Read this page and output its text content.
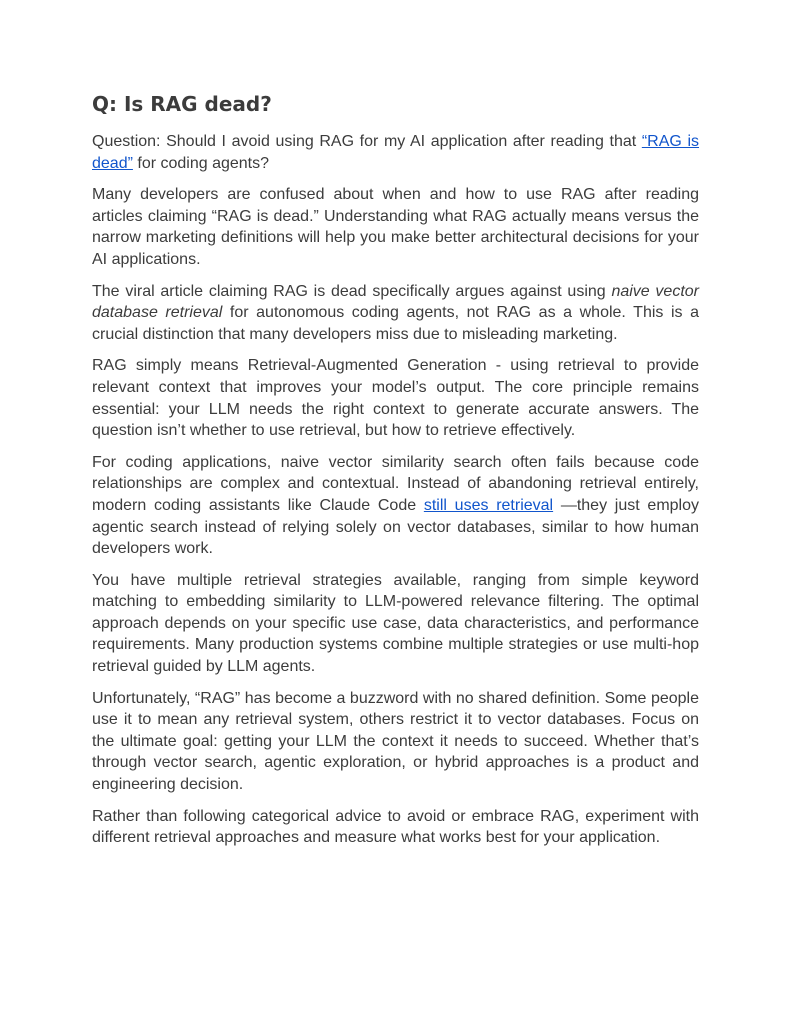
Q: Is RAG dead?

Question: Should I avoid using RAG for my AI application after reading that “RAG is dead” for coding agents?

Many developers are confused about when and how to use RAG after reading articles claiming “RAG is dead.” Understanding what RAG actually means versus the narrow marketing definitions will help you make better architectural decisions for your AI applications.

The viral article claiming RAG is dead specifically argues against using naive vector database retrieval for autonomous coding agents, not RAG as a whole. This is a crucial distinction that many developers miss due to misleading marketing.

RAG simply means Retrieval-Augmented Generation - using retrieval to provide relevant context that improves your model’s output. The core principle remains essential: your LLM needs the right context to generate accurate answers. The question isn’t whether to use retrieval, but how to retrieve effectively.

For coding applications, naive vector similarity search often fails because code relationships are complex and contextual. Instead of abandoning retrieval entirely, modern coding assistants like Claude Code still uses retrieval —they just employ agentic search instead of relying solely on vector databases, similar to how human developers work.

You have multiple retrieval strategies available, ranging from simple keyword matching to embedding similarity to LLM-powered relevance filtering. The optimal approach depends on your specific use case, data characteristics, and performance requirements. Many production systems combine multiple strategies or use multi-hop retrieval guided by LLM agents.

Unfortunately, “RAG” has become a buzzword with no shared definition. Some people use it to mean any retrieval system, others restrict it to vector databases. Focus on the ultimate goal: getting your LLM the context it needs to succeed. Whether that’s through vector search, agentic exploration, or hybrid approaches is a product and engineering decision.

Rather than following categorical advice to avoid or embrace RAG, experiment with different retrieval approaches and measure what works best for your application.
